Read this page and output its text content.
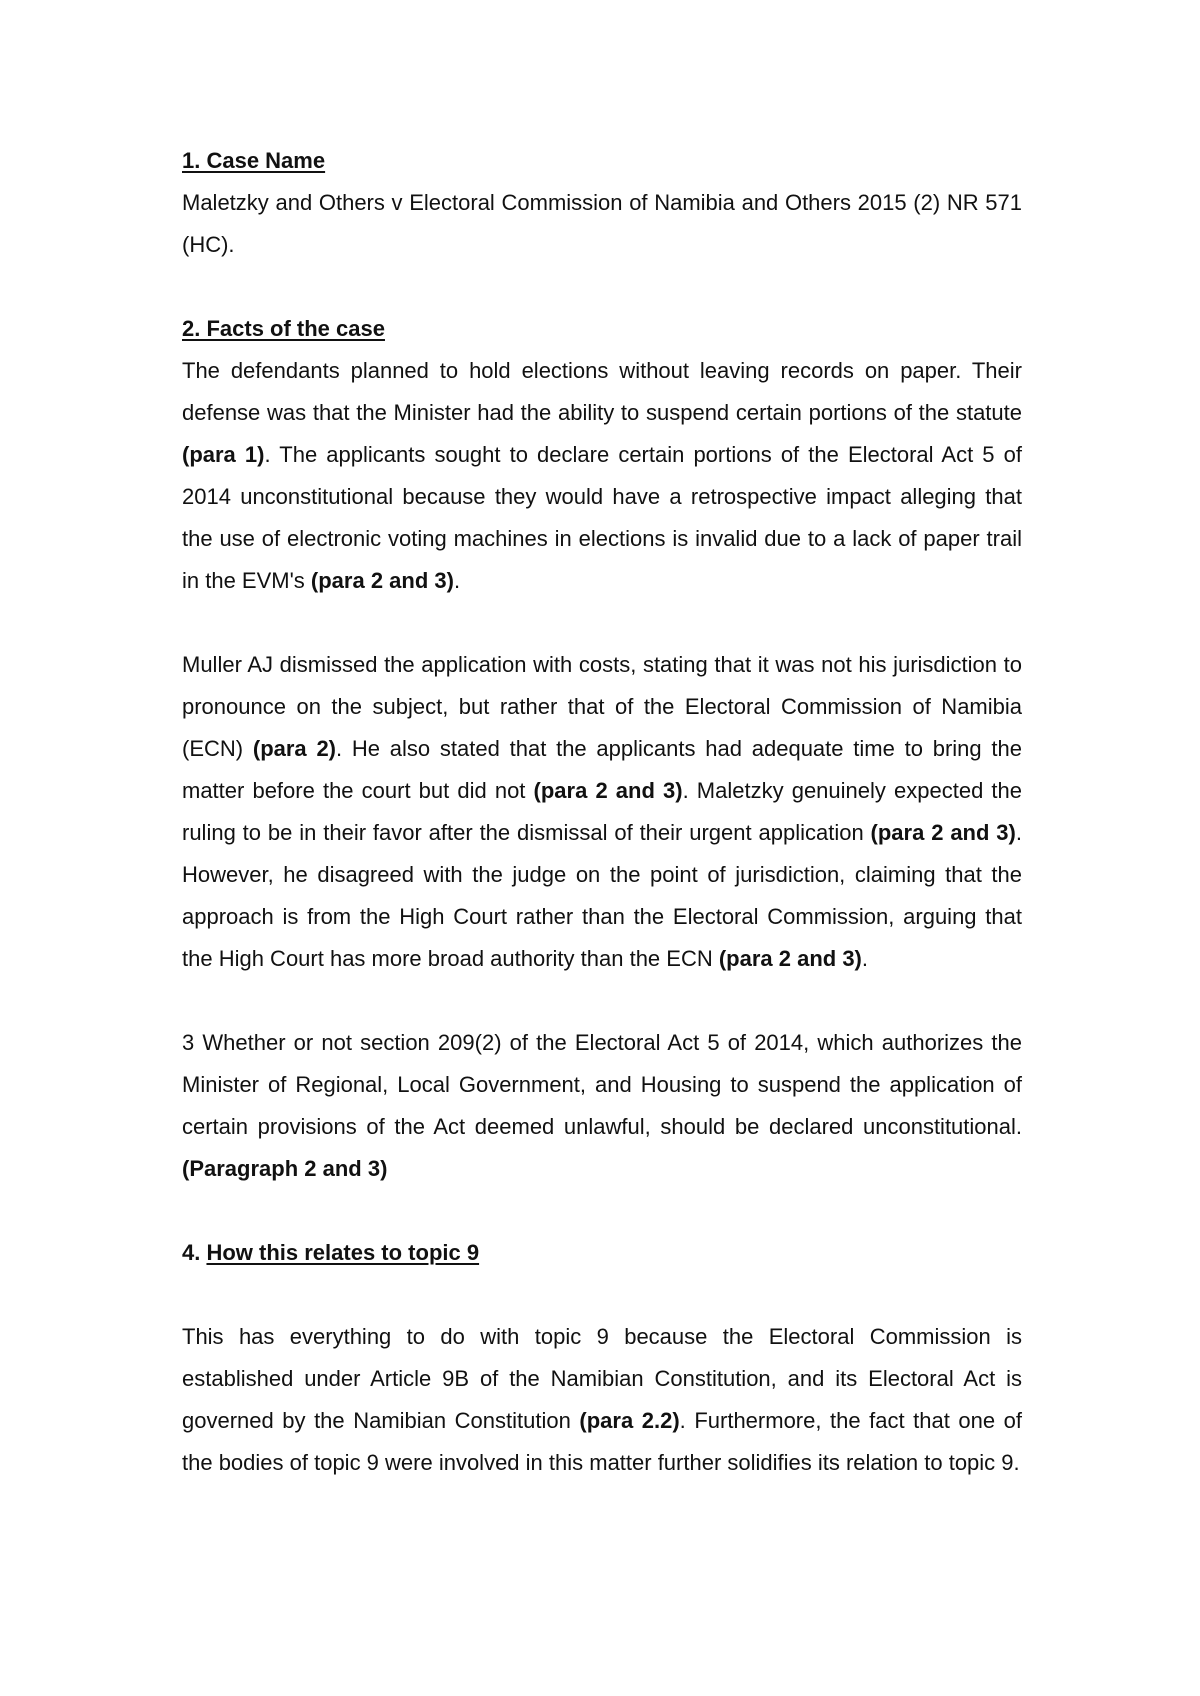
1. Case Name

Maletzky and Others v Electoral Commission of Namibia and Others 2015 (2) NR 571 (HC).

2. Facts of the case

The defendants planned to hold elections without leaving records on paper. Their defense was that the Minister had the ability to suspend certain portions of the statute (para 1). The applicants sought to declare certain portions of the Electoral Act 5 of 2014 unconstitutional because they would have a retrospective impact alleging that the use of electronic voting machines in elections is invalid due to a lack of paper trail in the EVM's (para 2 and 3).

Muller AJ dismissed the application with costs, stating that it was not his jurisdiction to pronounce on the subject, but rather that of the Electoral Commission of Namibia (ECN) (para 2). He also stated that the applicants had adequate time to bring the matter before the court but did not (para 2 and 3). Maletzky genuinely expected the ruling to be in their favor after the dismissal of their urgent application (para 2 and 3). However, he disagreed with the judge on the point of jurisdiction, claiming that the approach is from the High Court rather than the Electoral Commission, arguing that the High Court has more broad authority than the ECN (para 2 and 3).

3 Whether or not section 209(2) of the Electoral Act 5 of 2014, which authorizes the Minister of Regional, Local Government, and Housing to suspend the application of certain provisions of the Act deemed unlawful, should be declared unconstitutional.(Paragraph 2 and 3)

4. How this relates to topic 9

This has everything to do with topic 9 because the Electoral Commission is established under Article 9B of the Namibian Constitution, and its Electoral Act is governed by the Namibian Constitution (para 2.2). Furthermore, the fact that one of the bodies of topic 9 were involved in this matter further solidifies its relation to topic 9.
